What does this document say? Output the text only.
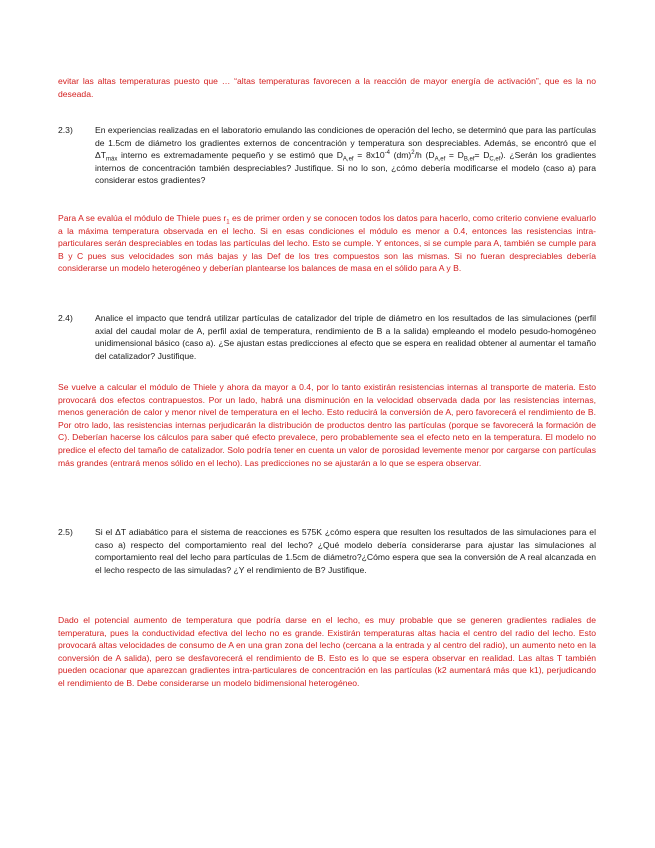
evitar las altas temperaturas puesto que … “altas temperaturas favorecen a la reacción de mayor energía de activación”, que es la no deseada.

2.3)	En experiencias realizadas en el laboratorio emulando las condiciones de operación del lecho, se determinó que para las partículas de 1.5cm de diámetro los gradientes externos de concentración y temperatura son despreciables. Además, se encontró que el $\Delta T_{máx}$ interno es extremadamente pequeño y se estimó que $D_{A,ef} = 8x10^{-4}$ (dm)$^2$/h $(D_{A,ef} = D_{B,ef}= D_{C,ef})$. ¿Serán los gradientes internos de concentración también despreciables? Justifique. Si no lo son, ¿cómo debería modificarse el modelo (caso a) para considerar estos gradientes?

Para A se evalúa el módulo de Thiele pues $r_1$ es de primer orden y se conocen todos los datos para hacerlo, como criterio conviene evaluarlo a la máxima temperatura observada en el lecho. Si en esas condiciones el módulo es menor a 0.4, entonces las resistencias intra-particulares serán despreciables en todas las partículas del lecho. Esto se cumple. Y entonces, si se cumple para A, también se cumple para B y C pues sus velocidades son más bajas y las Def de los tres compuestos son las mismas. Si no fueran despreciables debería considerarse un modelo heterogéneo y deberían plantearse los balances de masa en el sólido para A y B.

2.4)	Analice el impacto que tendrá utilizar partículas de catalizador del triple de diámetro en los resultados de las simulaciones (perfil axial del caudal molar de A, perfil axial de temperatura, rendimiento de B a la salida) empleando el modelo pesudo-homogéneo unidimensional básico (caso a). ¿Se ajustan estas predicciones al efecto que se espera en realidad obtener al aumentar el tamaño del catalizador? Justifique.

Se vuelve a calcular el módulo de Thiele y ahora da mayor a 0.4, por lo tanto existirán resistencias internas al transporte de materia. Esto provocará dos efectos contrapuestos. Por un lado, habrá una disminución en la velocidad observada dada por las resistencias internas, menos generación de calor y menor nivel de temperatura en el lecho. Esto reducirá la conversión de A, pero favorecerá el rendimiento de B. Por otro lado, las resistencias internas perjudicarán la distribución de productos dentro las partículas (porque se favorecerá la formación de C). Deberían hacerse los cálculos para saber qué efecto prevalece, pero probablemente sea el efecto neto en la temperatura. El modelo no predice el efecto del tamaño de catalizador. Solo podría tener en cuenta un valor de porosidad levemente menor por cargarse con partículas más grandes (entrará menos sólido en el lecho). Las predicciones no se ajustarán a lo que se espera observar.

2.5)	Si el ΔT adiabático para el sistema de reacciones es 575K ¿cómo espera que resulten los resultados de las simulaciones para el caso a) respecto del comportamiento real del lecho? ¿Qué modelo debería considerarse para ajustar las simulaciones al comportamiento real del lecho para partículas de 1.5cm de diámetro?¿Cómo espera que sea la conversión de A real alcanzada en el lecho respecto de las simuladas? ¿Y el rendimiento de B? Justifique.

Dado el potencial aumento de temperatura que podría darse en el lecho, es muy probable que se generen gradientes radiales de temperatura, pues la conductividad efectiva del lecho no es grande. Existirán temperaturas altas hacia el centro del radio del lecho. Esto provocará altas velocidades de consumo de A en una gran zona del lecho (cercana a la entrada y al centro del radio), un aumento neto en la conversión de A salida), pero se desfavorecerá el rendimiento de B. Esto es lo que se espera observar en realidad. Las altas T también pueden ocacionar que aparezcan gradientes intra-particulares de concentración en las partículas (k2 aumentará más que k1), perjudicando el rendimiento de B. Debe considerarse un modelo bidimensional heterogéneo.
